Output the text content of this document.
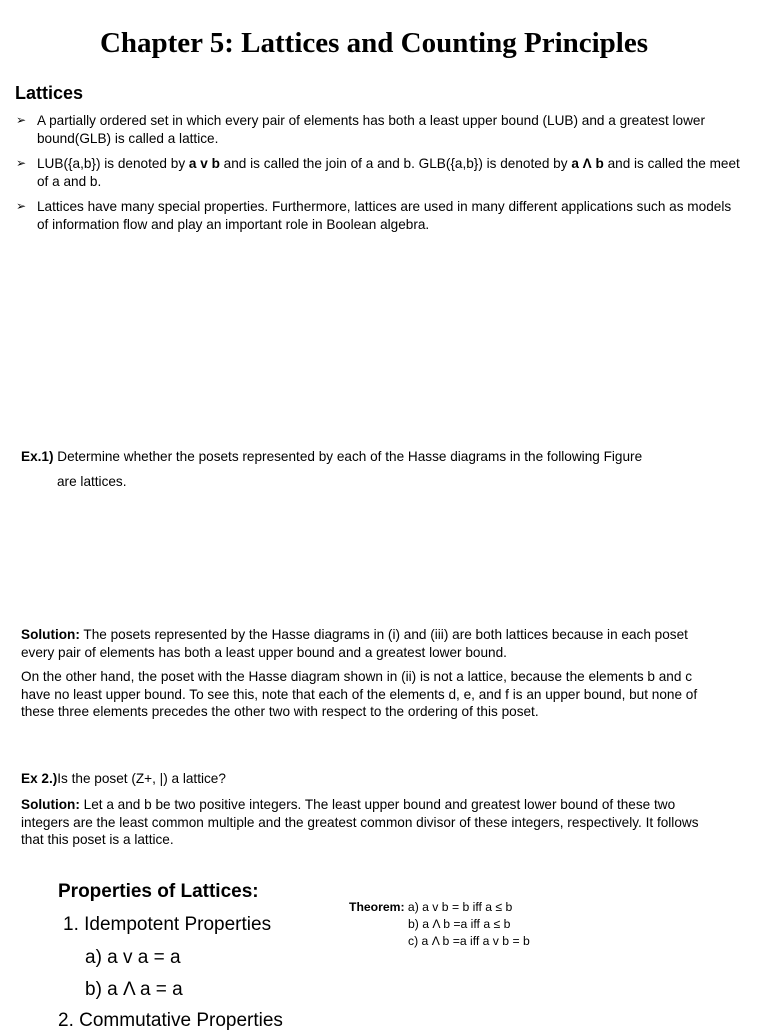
Chapter 5: Lattices and Counting Principles
Lattices
➢ A partially ordered set in which every pair of elements has both a least upper bound (LUB) and a greatest lower bound(GLB) is called a lattice.
➢ LUB({a,b}) is denoted by a v b and is called the join of a and b. GLB({a,b}) is denoted by a Λ b and is called the meet of a and b.
➢ Lattices have many special properties. Furthermore, lattices are used in many different applications such as models of information flow and play an important role in Boolean algebra.
Ex.1) Determine whether the posets represented by each of the Hasse diagrams in the following Figure
are lattices.
Solution: The posets represented by the Hasse diagrams in (i) and (iii) are both lattices because in each poset every pair of elements has both a least upper bound and a greatest lower bound.
On the other hand, the poset with the Hasse diagram shown in (ii) is not a lattice, because the elements b and c have no least upper bound. To see this, note that each of the elements d, e, and f is an upper bound, but none of these three elements precedes the other two with respect to the ordering of this poset.
Ex 2.)Is the poset (Z+, |) a lattice?
Solution: Let a and b be two positive integers. The least upper bound and greatest lower bound of these two integers are the least common multiple and the greatest common divisor of these integers, respectively. It follows that this poset is a lattice.
Properties of Lattices:
1. Idempotent Properties
a) a v a = a
b) a Λ a = a
2. Commutative Properties
Theorem: a) a v b = b iff a ≤ b
b) a Λ b =a iff a ≤ b
c) a Λ b =a iff a v b = b
